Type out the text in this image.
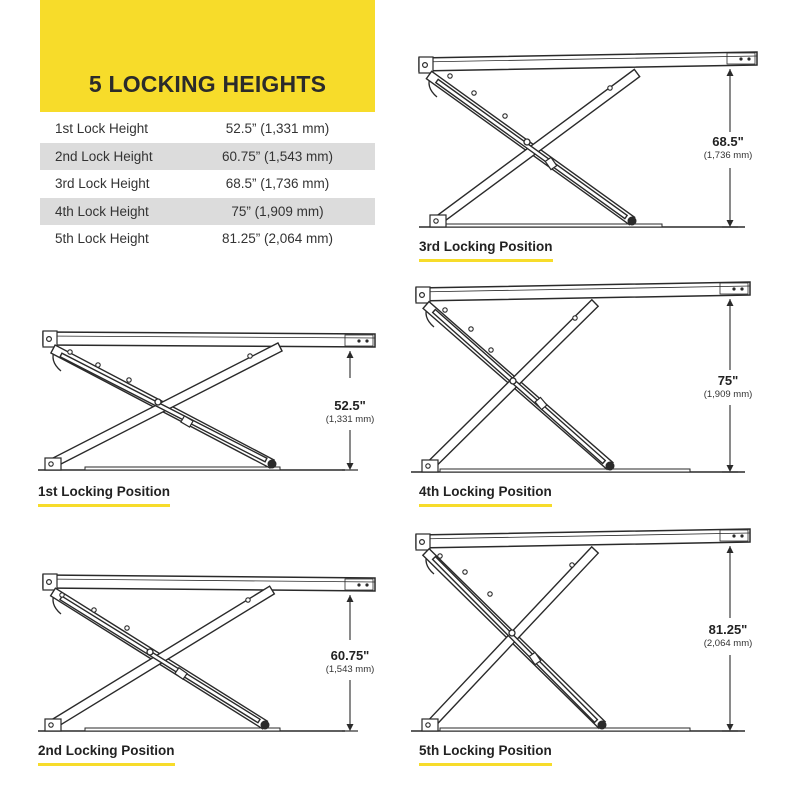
5 LOCKING HEIGHTS
1st Lock Height	52.5” (1,331 mm)
2nd Lock Height	60.75” (1,543 mm)
3rd Lock Height	68.5” (1,736 mm)
4th Lock Height	75” (1,909 mm)
5th Lock Height	81.25” (2,064 mm)
68.5"
(1,736 mm)
52.5"
(1,331 mm)
75"
(1,909 mm)
60.75"
(1,543 mm)
81.25"
(2,064 mm)
3rd Locking Position
1st Locking Position	4th Locking Position
2nd Locking Position	5th Locking Position
